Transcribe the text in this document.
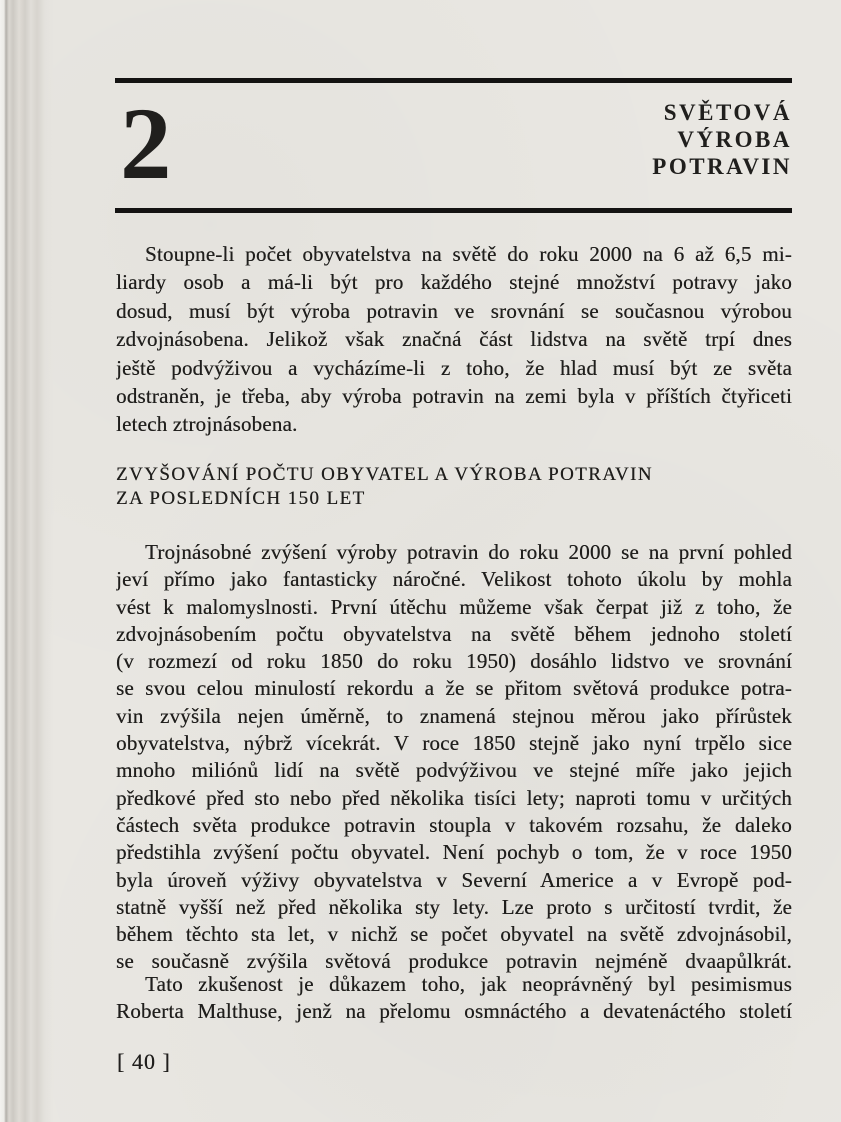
2	SVĚTOVÁ
VÝROBA
POTRAVIN
Stoupne-li počet obyvatelstva na světě do roku 2000 na 6 až 6,5 mi-
liardy osob a má-li být pro každého stejné množství potravy jako
dosud, musí být výroba potravin ve srovnání se současnou výrobou
zdvojnásobena. Jelikož však značná část lidstva na světě trpí dnes
ještě podvýživou a vycházíme-li z toho, že hlad musí být ze světa
odstraněn, je třeba, aby výroba potravin na zemi byla v příštích čtyřiceti
letech ztrojnásobena.
ZVYŠOVÁNÍ POČTU OBYVATEL A VÝROBA POTRAVIN
ZA POSLEDNÍCH 150 LET
Trojnásobné zvýšení výroby potravin do roku 2000 se na první pohled
jeví přímo jako fantasticky náročné. Velikost tohoto úkolu by mohla
vést k malomyslnosti. První útěchu můžeme však čerpat již z toho, že
zdvojnásobením počtu obyvatelstva na světě během jednoho století
(v rozmezí od roku 1850 do roku 1950) dosáhlo lidstvo ve srovnání
se svou celou minulostí rekordu a že se přitom světová produkce potra-
vin zvýšila nejen úměrně, to znamená stejnou měrou jako přírůstek
obyvatelstva, nýbrž vícekrát. V roce 1850 stejně jako nyní trpělo sice
mnoho miliónů lidí na světě podvýživou ve stejné míře jako jejich
předkové před sto nebo před několika tisíci lety; naproti tomu v určitých
částech světa produkce potravin stoupla v takovém rozsahu, že daleko
předstihla zvýšení počtu obyvatel. Není pochyb o tom, že v roce 1950
byla úroveň výživy obyvatelstva v Severní Americe a v Evropě pod-
statně vyšší než před několika sty lety. Lze proto s určitostí tvrdit, že
během těchto sta let, v nichž se počet obyvatel na světě zdvojnásobil,
se současně zvýšila světová produkce potravin nejméně dvaapůlkrát.
Tato zkušenost je důkazem toho, jak neoprávněný byl pesimismus
Roberta Malthuse, jenž na přelomu osmnáctého a devatenáctého století
[ 40 ]
